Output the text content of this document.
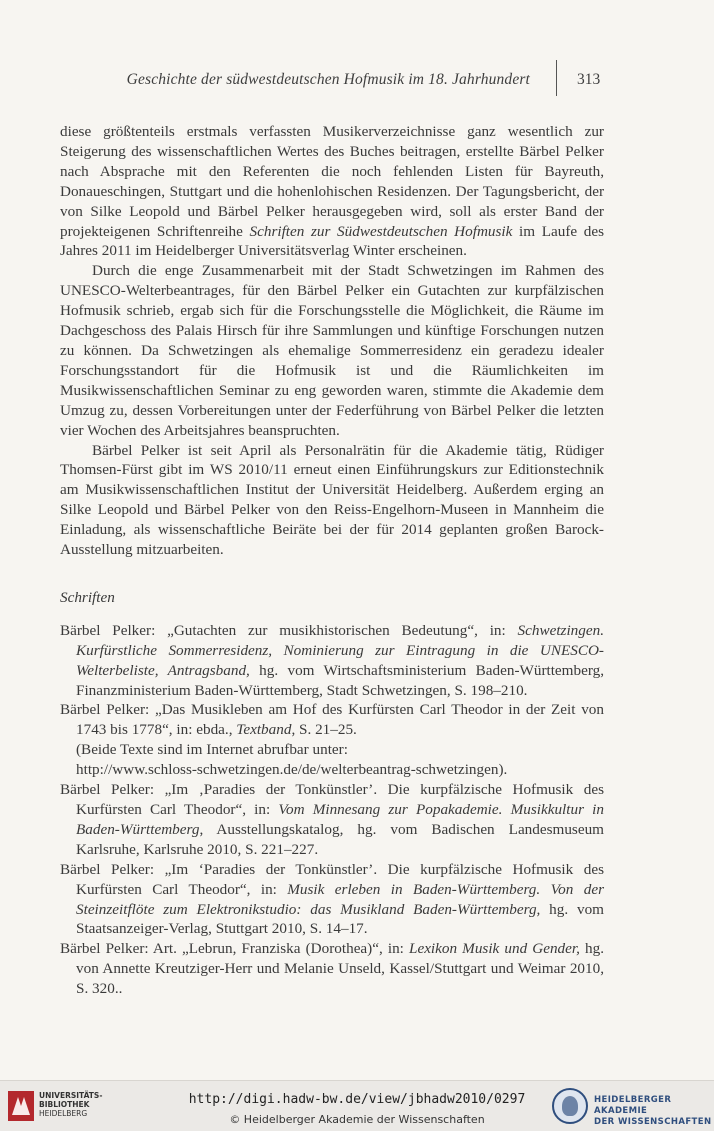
Geschichte der südwestdeutschen Hofmusik im 18. Jahrhundert	313

diese größtenteils erstmals verfassten Musikerverzeichnisse ganz wesentlich zur Steigerung des wissenschaftlichen Wertes des Buches beitragen, erstellte Bärbel Pelker nach Absprache mit den Referenten die noch fehlenden Listen für Bayreuth, Donaueschingen, Stuttgart und die hohenlohischen Residenzen. Der Tagungsbericht, der von Silke Leopold und Bärbel Pelker herausgegeben wird, soll als erster Band der projekteigenen Schriftenreihe Schriften zur Südwestdeutschen Hofmusik im Laufe des Jahres 2011 im Heidelberger Universitätsverlag Winter erscheinen.

Durch die enge Zusammenarbeit mit der Stadt Schwetzingen im Rahmen des UNESCO-Welterbeantrages, für den Bärbel Pelker ein Gutachten zur kurpfälzischen Hofmusik schrieb, ergab sich für die Forschungsstelle die Möglichkeit, die Räume im Dachgeschoss des Palais Hirsch für ihre Sammlungen und künftige Forschungen nutzen zu können. Da Schwetzingen als ehemalige Sommerresidenz ein geradezu idealer Forschungsstandort für die Hofmusik ist und die Räumlichkeiten im Musikwissenschaftlichen Seminar zu eng geworden waren, stimmte die Akademie dem Umzug zu, dessen Vorbereitungen unter der Federführung von Bärbel Pelker die letzten vier Wochen des Arbeitsjahres beanspruchten.

Bärbel Pelker ist seit April als Personalrätin für die Akademie tätig, Rüdiger Thomsen-Fürst gibt im WS 2010/11 erneut einen Einführungskurs zur Editionstechnik am Musikwissenschaftlichen Institut der Universität Heidelberg. Außerdem erging an Silke Leopold und Bärbel Pelker von den Reiss-Engelhorn-Museen in Mannheim die Einladung, als wissenschaftliche Beiräte bei der für 2014 geplanten großen Barock-Ausstellung mitzuarbeiten.

Schriften

Bärbel Pelker: „Gutachten zur musikhistorischen Bedeutung“, in: Schwetzingen. Kurfürstliche Sommerresidenz, Nominierung zur Eintragung in die UNESCO-Welterbeliste, Antragsband, hg. vom Wirtschaftsministerium Baden-Württemberg, Finanzministerium Baden-Württemberg, Stadt Schwetzingen, S. 198–210.

Bärbel Pelker: „Das Musikleben am Hof des Kurfürsten Carl Theodor in der Zeit von 1743 bis 1778“, in: ebda., Textband, S. 21–25.
(Beide Texte sind im Internet abrufbar unter:
http://www.schloss-schwetzingen.de/de/welterbeantrag-schwetzingen).

Bärbel Pelker: „Im ‚Paradies der Tonkünstler’. Die kurpfälzische Hofmusik des Kurfürsten Carl Theodor“, in: Vom Minnesang zur Popakademie. Musikkultur in Baden-Württemberg, Ausstellungskatalog, hg. vom Badischen Landesmuseum Karlsruhe, Karlsruhe 2010, S. 221–227.

Bärbel Pelker: „Im ‘Paradies der Tonkünstler’. Die kurpfälzische Hofmusik des Kurfürsten Carl Theodor“, in: Musik erleben in Baden-Württemberg. Von der Steinzeitflöte zum Elektronikstudio: das Musikland Baden-Württemberg, hg. vom Staatsanzeiger-Verlag, Stuttgart 2010, S. 14–17.

Bärbel Pelker: Art. „Lebrun, Franziska (Dorothea)“, in: Lexikon Musik und Gender, hg. von Annette Kreutziger-Herr und Melanie Unseld, Kassel/Stuttgart und Weimar 2010, S. 320..

UNIVERSITÄTS-
BIBLIOTHEK
HEIDELBERG
http://digi.hadw-bw.de/view/jbhadw2010/0297
© Heidelberger Akademie der Wissenschaften
HEIDELBERGER AKADEMIE
DER WISSENSCHAFTEN
